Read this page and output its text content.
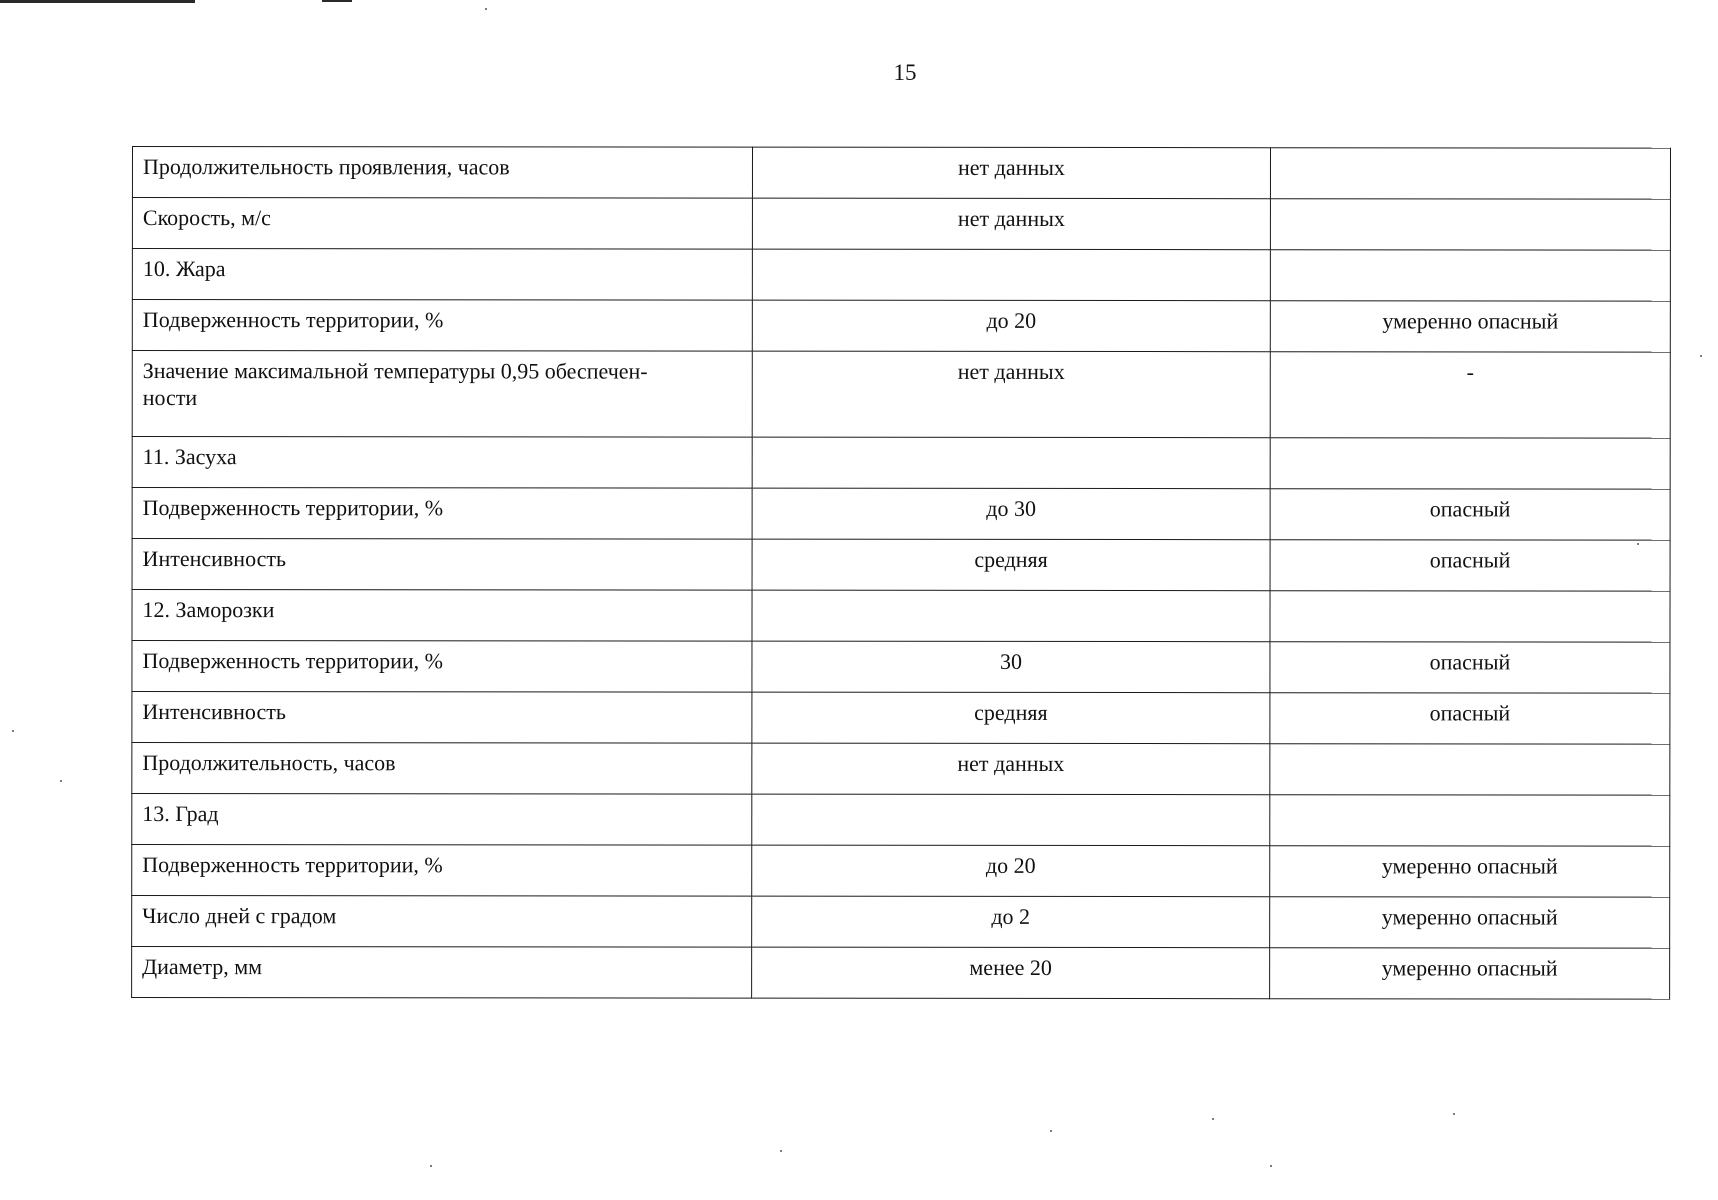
15
Продолжительность проявления, часов	нет данных	
Скорость, м/с	нет данных	
10. Жара		
Подверженность территории, %	до 20	умеренно опасный

Значение максимальной температуры 0,95 обеспечен-
ности	нет данных	-
11. Засуха		
Подверженность территории, %	до 30	опасный
Интенсивность	средняя	опасный
12. Заморозки		
Подверженность территории, %	30	опасный
Интенсивность	средняя	опасный
Продолжительность, часов	нет данных	
13. Град		
Подверженность территории, %	до 20	умеренно опасный
Число дней с градом	до 2	умеренно опасный
Диаметр, мм	менее 20	умеренно опасный
